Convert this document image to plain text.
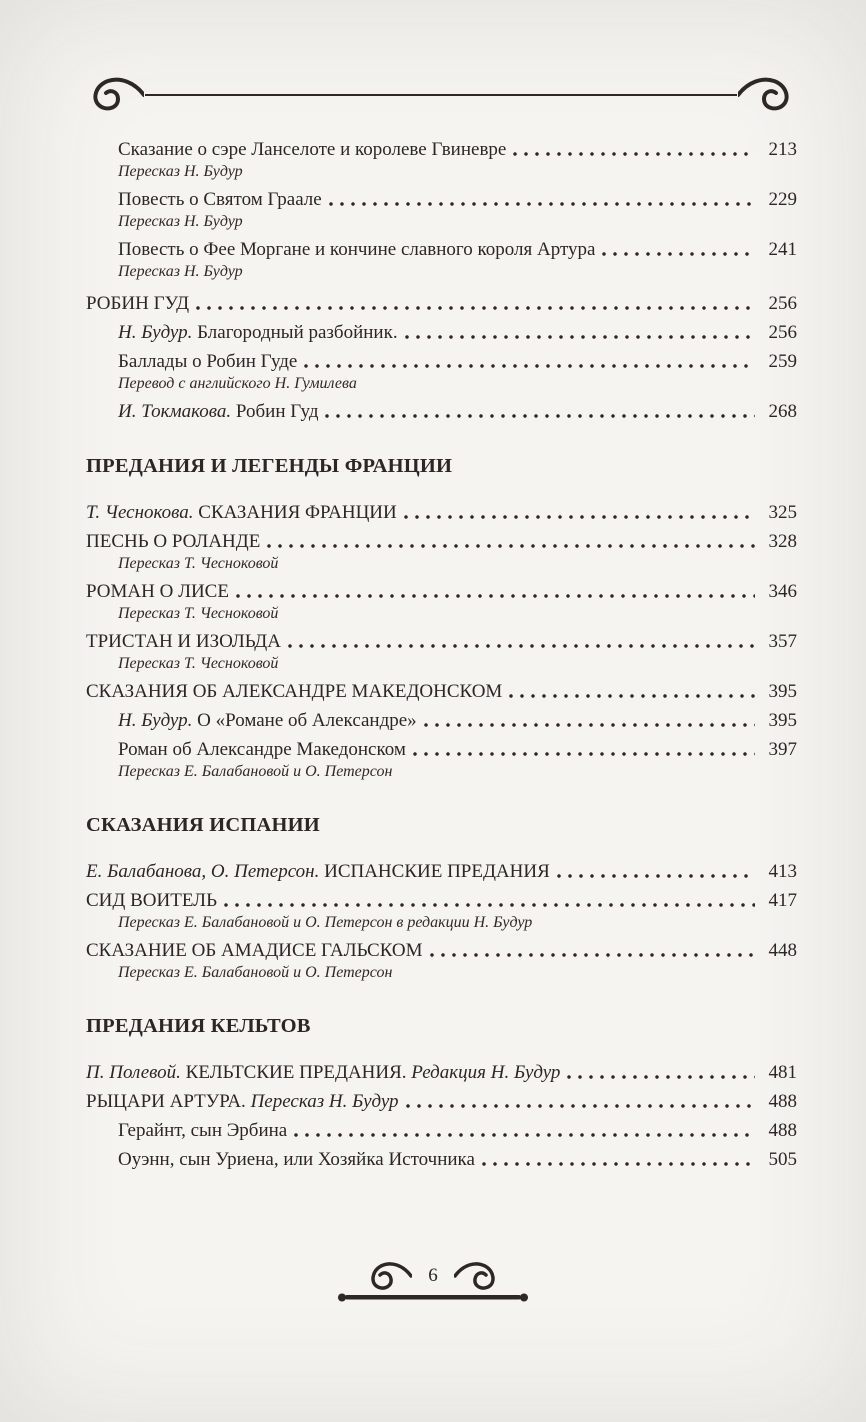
Сказание о сэре Ланселоте и королеве Гвиневре	213
Пересказ Н. Будур
Повесть о Святом Граале	229
Пересказ Н. Будур
Повесть о Фее Моргане и кончине славного короля Артура	241
Пересказ Н. Будур
РОБИН ГУД	256
Н. Будур. Благородный разбойник.	256
Баллады о Робин Гуде	259
Перевод с английского Н. Гумилева
И. Токмакова. Робин Гуд	268
ПРЕДАНИЯ И ЛЕГЕНДЫ ФРАНЦИИ
Т. Чеснокова. СКАЗАНИЯ ФРАНЦИИ	325
ПЕСНЬ О РОЛАНДЕ	328
Пересказ Т. Чесноковой
РОМАН О ЛИСЕ	346
Пересказ Т. Чесноковой
ТРИСТАН И ИЗОЛЬДА	357
Пересказ Т. Чесноковой
СКАЗАНИЯ ОБ АЛЕКСАНДРЕ МАКЕДОНСКОМ	395
Н. Будур. О «Романе об Александре»	395
Роман об Александре Македонском	397
Пересказ Е. Балабановой и О. Петерсон
СКАЗАНИЯ ИСПАНИИ
Е. Балабанова, О. Петерсон. ИСПАНСКИЕ ПРЕДАНИЯ	413
СИД ВОИТЕЛЬ	417
Пересказ Е. Балабановой и О. Петерсон в редакции Н. Будур
СКАЗАНИЕ ОБ АМАДИСЕ ГАЛЬСКОМ	448
Пересказ Е. Балабановой и О. Петерсон
ПРЕДАНИЯ КЕЛЬТОВ
П. Полевой. КЕЛЬТСКИЕ ПРЕДАНИЯ. Редакция Н. Будур	481
РЫЦАРИ АРТУРА. Пересказ Н. Будур	488
Герайнт, сын Эрбина	488
Оуэнн, сын Уриена, или Хозяйка Источника	505
6
